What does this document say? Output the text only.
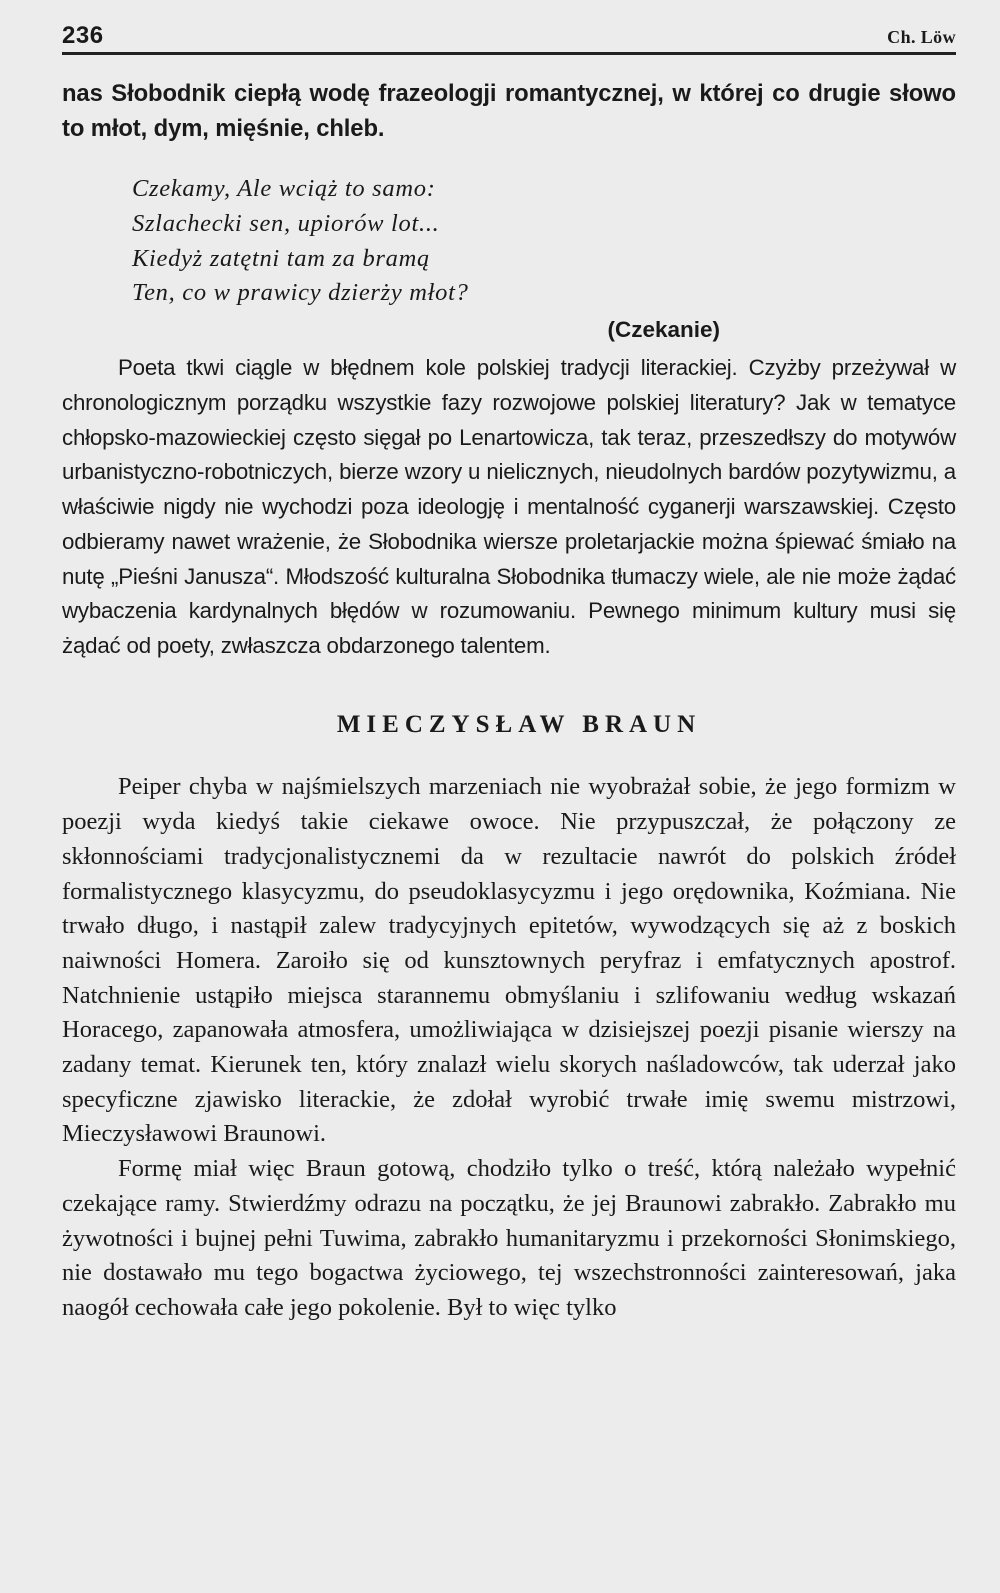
236	Ch. Löw

nas Słobodnik ciepłą wodę frazeologji romantycznej, w której co drugie słowo to młot, dym, mięśnie, chleb.

Czekamy, Ale wciąż to samo:
Szlachecki sen, upiorów lot...
Kiedyż zatętni tam za bramą
Ten, co w prawicy dzierży młot?
(Czekanie)

Poeta tkwi ciągle w błędnem kole polskiej tradycji literackiej. Czyżby przeżywał w chronologicznym porządku wszystkie fazy rozwojowe polskiej literatury? Jak w tematyce chłopsko-mazowieckiej często sięgał po Lenartowicza, tak teraz, przeszedłszy do motywów urbanistyczno-robotniczych, bierze wzory u nielicznych, nieudolnych bardów pozytywizmu, a właściwie nigdy nie wychodzi poza ideologję i mentalność cyganerji warszawskiej. Często odbieramy nawet wrażenie, że Słobodnika wiersze proletarjackie można śpiewać śmiało na nutę „Pieśni Janusza“. Młodszość kulturalna Słobodnika tłumaczy wiele, ale nie może żądać wybaczenia kardynalnych błędów w rozumowaniu. Pewnego minimum kultury musi się żądać od poety, zwłaszcza obdarzonego talentem.

MIECZYSŁAW BRAUN

Peiper chyba w najśmielszych marzeniach nie wyobrażał sobie, że jego formizm w poezji wyda kiedyś takie ciekawe owoce. Nie przypuszczał, że połączony ze skłonnościami tradycjonalistycznemi da w rezultacie nawrót do polskich źródeł formalistycznego klasycyzmu, do pseudoklasycyzmu i jego orędownika, Koźmiana. Nie trwało długo, i nastąpił zalew tradycyjnych epitetów, wywodzących się aż z boskich naiwności Homera. Zaroiło się od kunsztownych peryfraz i emfatycznych apostrof. Natchnienie ustąpiło miejsca starannemu obmyślaniu i szlifowaniu według wskazań Horacego, zapanowała atmosfera, umożliwiająca w dzisiejszej poezji pisanie wierszy na zadany temat. Kierunek ten, który znalazł wielu skorych naśladowców, tak uderzał jako specyficzne zjawisko literackie, że zdołał wyrobić trwałe imię swemu mistrzowi, Mieczysławowi Braunowi.

Formę miał więc Braun gotową, chodziło tylko o treść, którą należało wypełnić czekające ramy. Stwierdźmy odrazu na początku, że jej Braunowi zabrakło. Zabrakło mu żywotności i bujnej pełni Tuwima, zabrakło humanitaryzmu i przekorności Słonimskiego, nie dostawało mu tego bogactwa życiowego, tej wszechstronności zainteresowań, jaka naogół cechowała całe jego pokolenie. Był to więc tylko
